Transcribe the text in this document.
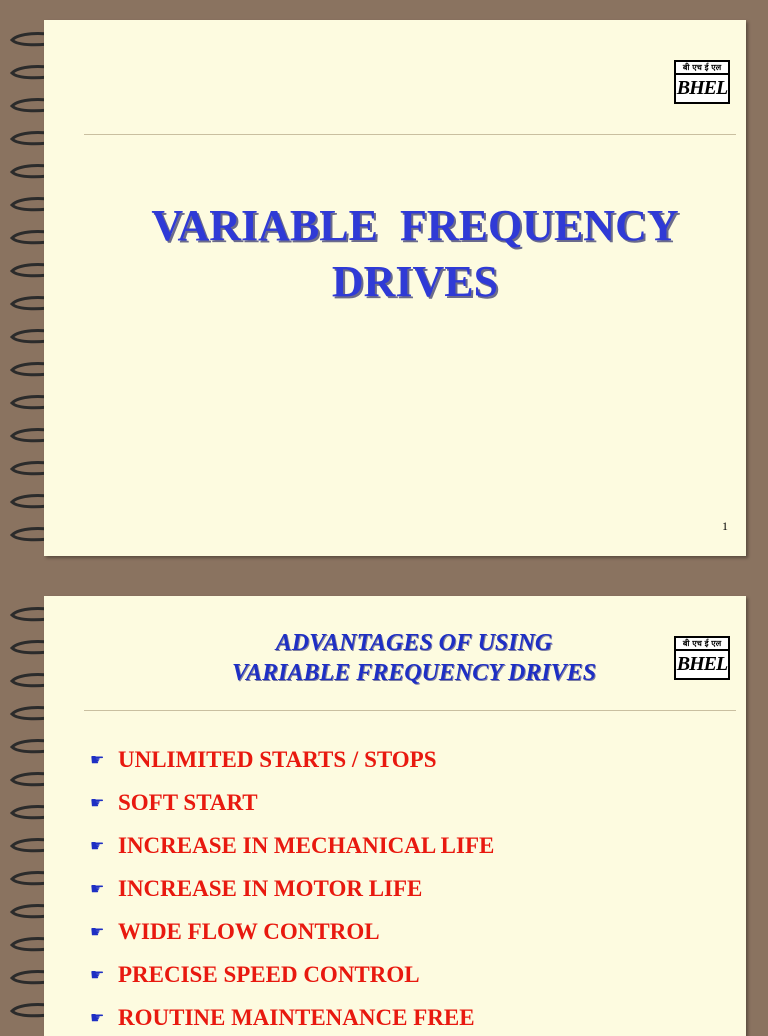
बी एच ई एल
BHEL
VARIABLE  FREQUENCY
DRIVES
1
ADVANTAGES OF USING
VARIABLE FREQUENCY DRIVES
बी एच ई एल
BHEL
☛ UNLIMITED STARTS / STOPS
☛ SOFT START
☛ INCREASE IN MECHANICAL LIFE
☛ INCREASE IN MOTOR LIFE
☛ WIDE FLOW CONTROL
☛ PRECISE SPEED CONTROL
☛ ROUTINE MAINTENANCE FREE
